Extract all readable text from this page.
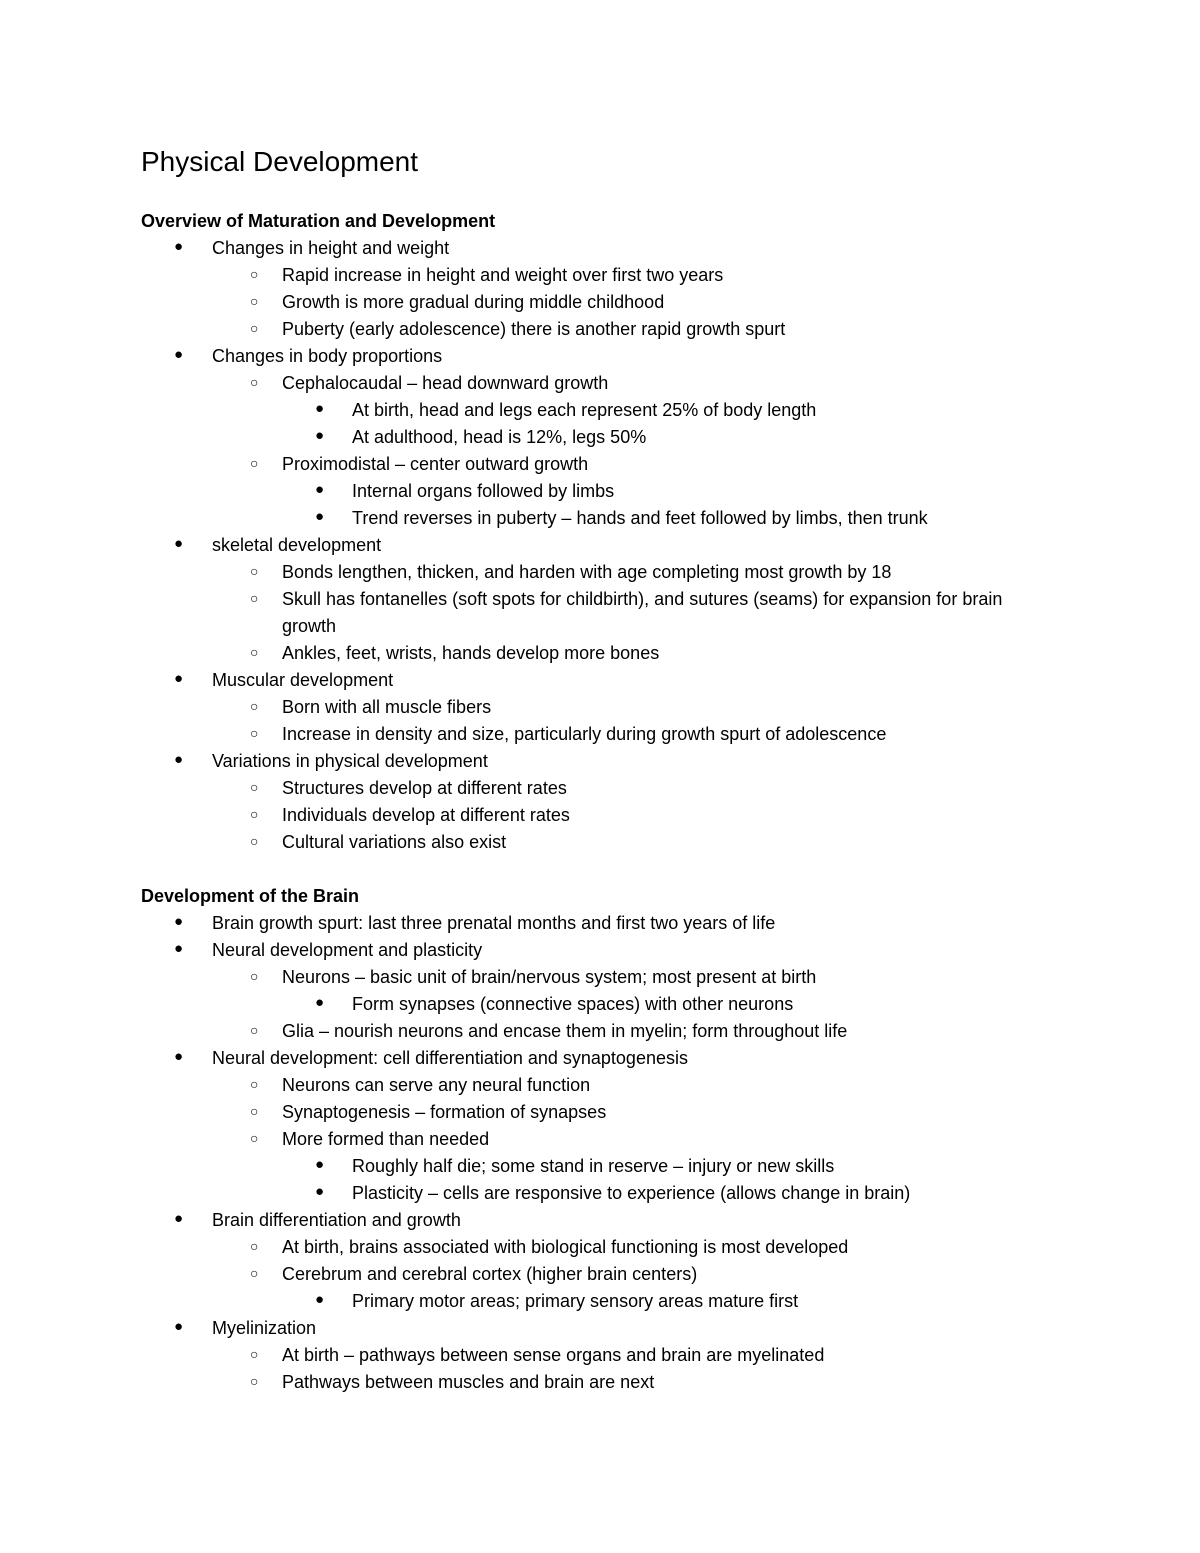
Physical Development
Overview of Maturation and Development
● Changes in height and weight
○ Rapid increase in height and weight over first two years
○ Growth is more gradual during middle childhood
○ Puberty (early adolescence) there is another rapid growth spurt
● Changes in body proportions
○ Cephalocaudal – head downward growth
● At birth, head and legs each represent 25% of body length
● At adulthood, head is 12%, legs 50%
○ Proximodistal – center outward growth
● Internal organs followed by limbs
● Trend reverses in puberty – hands and feet followed by limbs, then trunk
● skeletal development
○ Bonds lengthen, thicken, and harden with age completing most growth by 18
○ Skull has fontanelles (soft spots for childbirth), and sutures (seams) for expansion for brain growth
○ Ankles, feet, wrists, hands develop more bones
● Muscular development
○ Born with all muscle fibers
○ Increase in density and size, particularly during growth spurt of adolescence
● Variations in physical development
○ Structures develop at different rates
○ Individuals develop at different rates
○ Cultural variations also exist
Development of the Brain
● Brain growth spurt: last three prenatal months and first two years of life
● Neural development and plasticity
○ Neurons – basic unit of brain/nervous system; most present at birth
● Form synapses (connective spaces) with other neurons
○ Glia – nourish neurons and encase them in myelin; form throughout life
● Neural development: cell differentiation and synaptogenesis
○ Neurons can serve any neural function
○ Synaptogenesis – formation of synapses
○ More formed than needed
● Roughly half die; some stand in reserve – injury or new skills
● Plasticity – cells are responsive to experience (allows change in brain)
● Brain differentiation and growth
○ At birth, brains associated with biological functioning is most developed
○ Cerebrum and cerebral cortex (higher brain centers)
● Primary motor areas; primary sensory areas mature first
● Myelinization
○ At birth – pathways between sense organs and brain are myelinated
○ Pathways between muscles and brain are next
